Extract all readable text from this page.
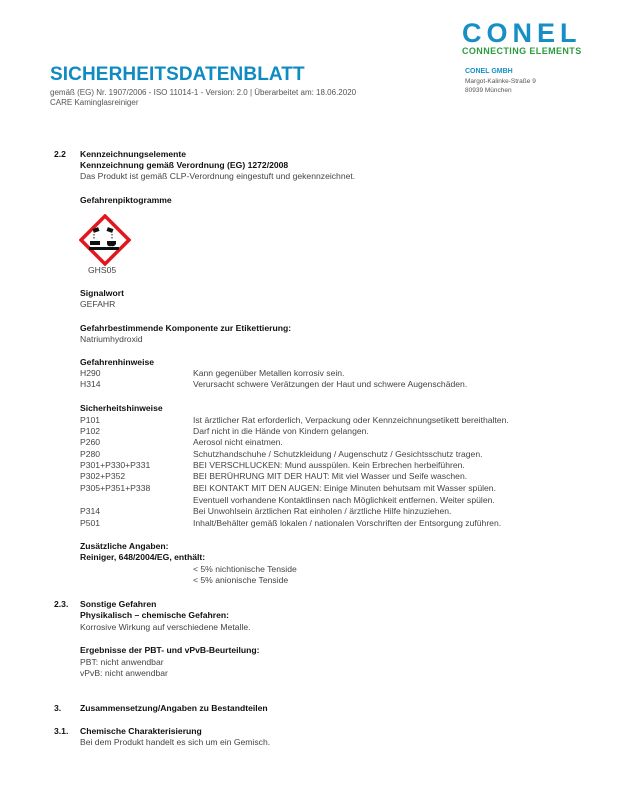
SICHERHEITSDATENBLATT
gemäß (EG) Nr. 1907/2006 - ISO 11014-1 - Version: 2.0 | Überarbeitet am: 18.06.2020
CARE Kaminglasreiniger
CONEL
CONNECTING ELEMENTS
CONEL GMBH
Margot-Kalinke-Straße 9
80939 München
2.2 Kennzeichnungselemente
Kennzeichnung gemäß Verordnung (EG) 1272/2008
Das Produkt ist gemäß CLP-Verordnung eingestuft und gekennzeichnet.
Gefahrenpiktogramme
GHS05
Signalwort
GEFAHR
Gefahrbestimmende Komponente zur Etikettierung:
Natriumhydroxid
Gefahrenhinweise
H290	Kann gegenüber Metallen korrosiv sein.
H314	Verursacht schwere Verätzungen der Haut und schwere Augenschäden.
Sicherheitshinweise
P101	Ist ärztlicher Rat erforderlich, Verpackung oder Kennzeichnungsetikett bereithalten.
P102	Darf nicht in die Hände von Kindern gelangen.
P260	Aerosol nicht einatmen.
P280	Schutzhandschuhe / Schutzkleidung / Augenschutz / Gesichtsschutz tragen.
P301+P330+P331	BEI VERSCHLUCKEN: Mund ausspülen. Kein Erbrechen herbeiführen.
P302+P352	BEI BERÜHRUNG MIT DER HAUT: Mit viel Wasser und Seife waschen.
P305+P351+P338	BEI KONTAKT MIT DEN AUGEN: Einige Minuten behutsam mit Wasser spülen.
Eventuell vorhandene Kontaktlinsen nach Möglichkeit entfernen. Weiter spülen.
P314	Bei Unwohlsein ärztlichen Rat einholen / ärztliche Hilfe hinzuziehen.
P501	Inhalt/Behälter gemäß lokalen / nationalen Vorschriften der Entsorgung zuführen.
Zusätzliche Angaben:
Reiniger, 648/2004/EG, enthält:
< 5% nichtionische Tenside
< 5% anionische Tenside
2.3. Sonstige Gefahren
Physikalisch – chemische Gefahren:
Korrosive Wirkung auf verschiedene Metalle.
Ergebnisse der PBT- und vPvB-Beurteilung:
PBT: nicht anwendbar
vPvB: nicht anwendbar
3. Zusammensetzung/Angaben zu Bestandteilen
3.1. Chemische Charakterisierung
Bei dem Produkt handelt es sich um ein Gemisch.
